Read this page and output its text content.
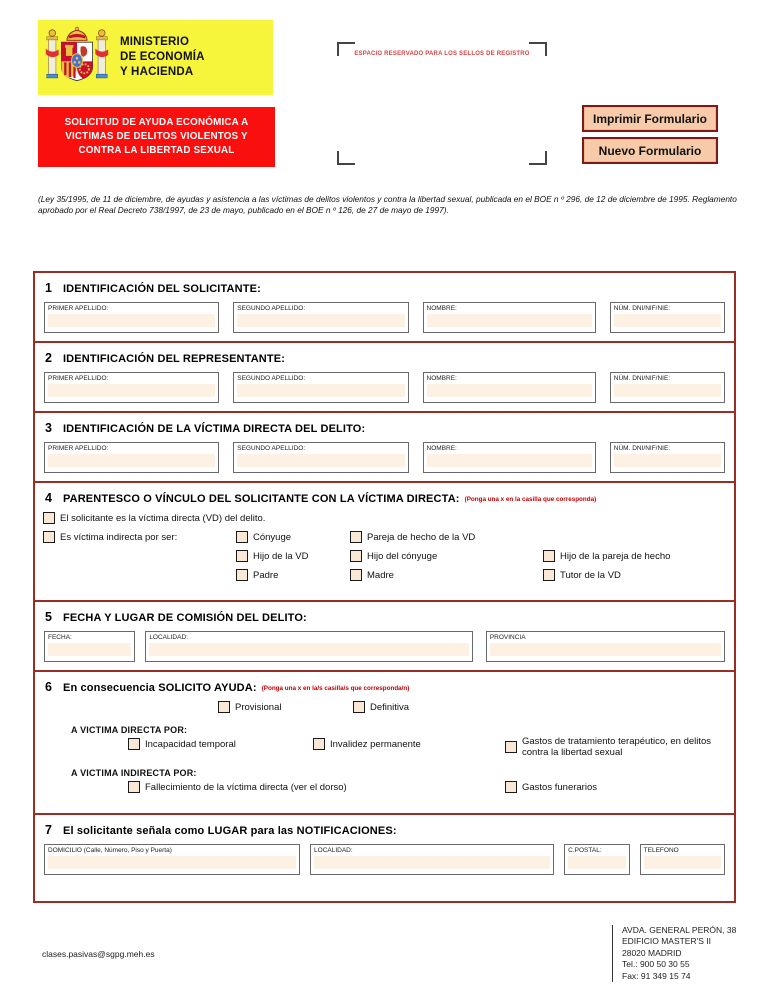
MINISTERIO
DE ECONOMÍA
Y HACIENDA
SOLICITUD DE AYUDA ECONÓMICA A
VICTIMAS DE DELITOS VIOLENTOS Y
CONTRA LA LIBERTAD SEXUAL
ESPACIO RESERVADO PARA LOS SELLOS DE REGISTRO
Imprimir Formulario
Nuevo Formulario
(Ley 35/1995, de 11 de diciembre, de ayudas y asistencia a las víctimas de delitos violentos y contra la libertad sexual, publicada en el BOE n º 296, de 12 de diciembre de 1995. Reglamento aprobado por el Real Decreto 738/1997, de 23 de mayo, publicado en el BOE n º 126, de 27 de mayo de 1997).
1 IDENTIFICACIÓN DEL SOLICITANTE:
PRIMER APELLIDO:	SEGUNDO APELLIDO:	NOMBRE:	NÚM. DNI/NIF/NIE:
2 IDENTIFICACIÓN DEL REPRESENTANTE:
PRIMER APELLIDO:	SEGUNDO APELLIDO:	NOMBRE:	NÚM. DNI/NIF/NIE:
3 IDENTIFICACIÓN DE LA VÍCTIMA DIRECTA DEL DELITO:
PRIMER APELLIDO:	SEGUNDO APELLIDO:	NOMBRE:	NÚM. DNI/NIF/NIE:
4 PARENTESCO O VÍNCULO DEL SOLICITANTE CON LA VÍCTIMA DIRECTA: (Ponga una x en la casilla que corresponda)
El solicitante es la víctima directa (VD) del delito.
Es víctima indirecta por ser:	Cónyuge	Pareja de hecho de la VD
Hijo de la VD	Hijo del cónyuge	Hijo de la pareja de hecho
Padre	Madre	Tutor de la VD
5 FECHA Y LUGAR DE COMISIÓN DEL DELITO:
FECHA:	LOCALIDAD:	PROVINCIA
6 En consecuencia SOLICITO AYUDA: (Ponga una x en la/s casilla/s que corresponda/n)
Provisional	Definitiva
A VICTIMA DIRECTA POR:
Incapacidad temporal	Invalidez permanente	Gastos de tratamiento terapéutico, en delitos contra la libertad sexual
A VICTIMA INDIRECTA POR:
Fallecimiento de la víctima directa (ver el dorso)	Gastos funerarios
7 El solicitante señala como LUGAR para las NOTIFICACIONES:
DOMICILIO (Calle, Número, Piso y Puerta)	LOCALIDAD:	C.POSTAL:	TELEFONO
clases.pasivas@sgpg.meh.es
AVDA. GENERAL PERÓN, 38
EDIFICIO MASTER'S II
28020 MADRID
Tel.: 900 50 30 55
Fax: 91 349 15 74
